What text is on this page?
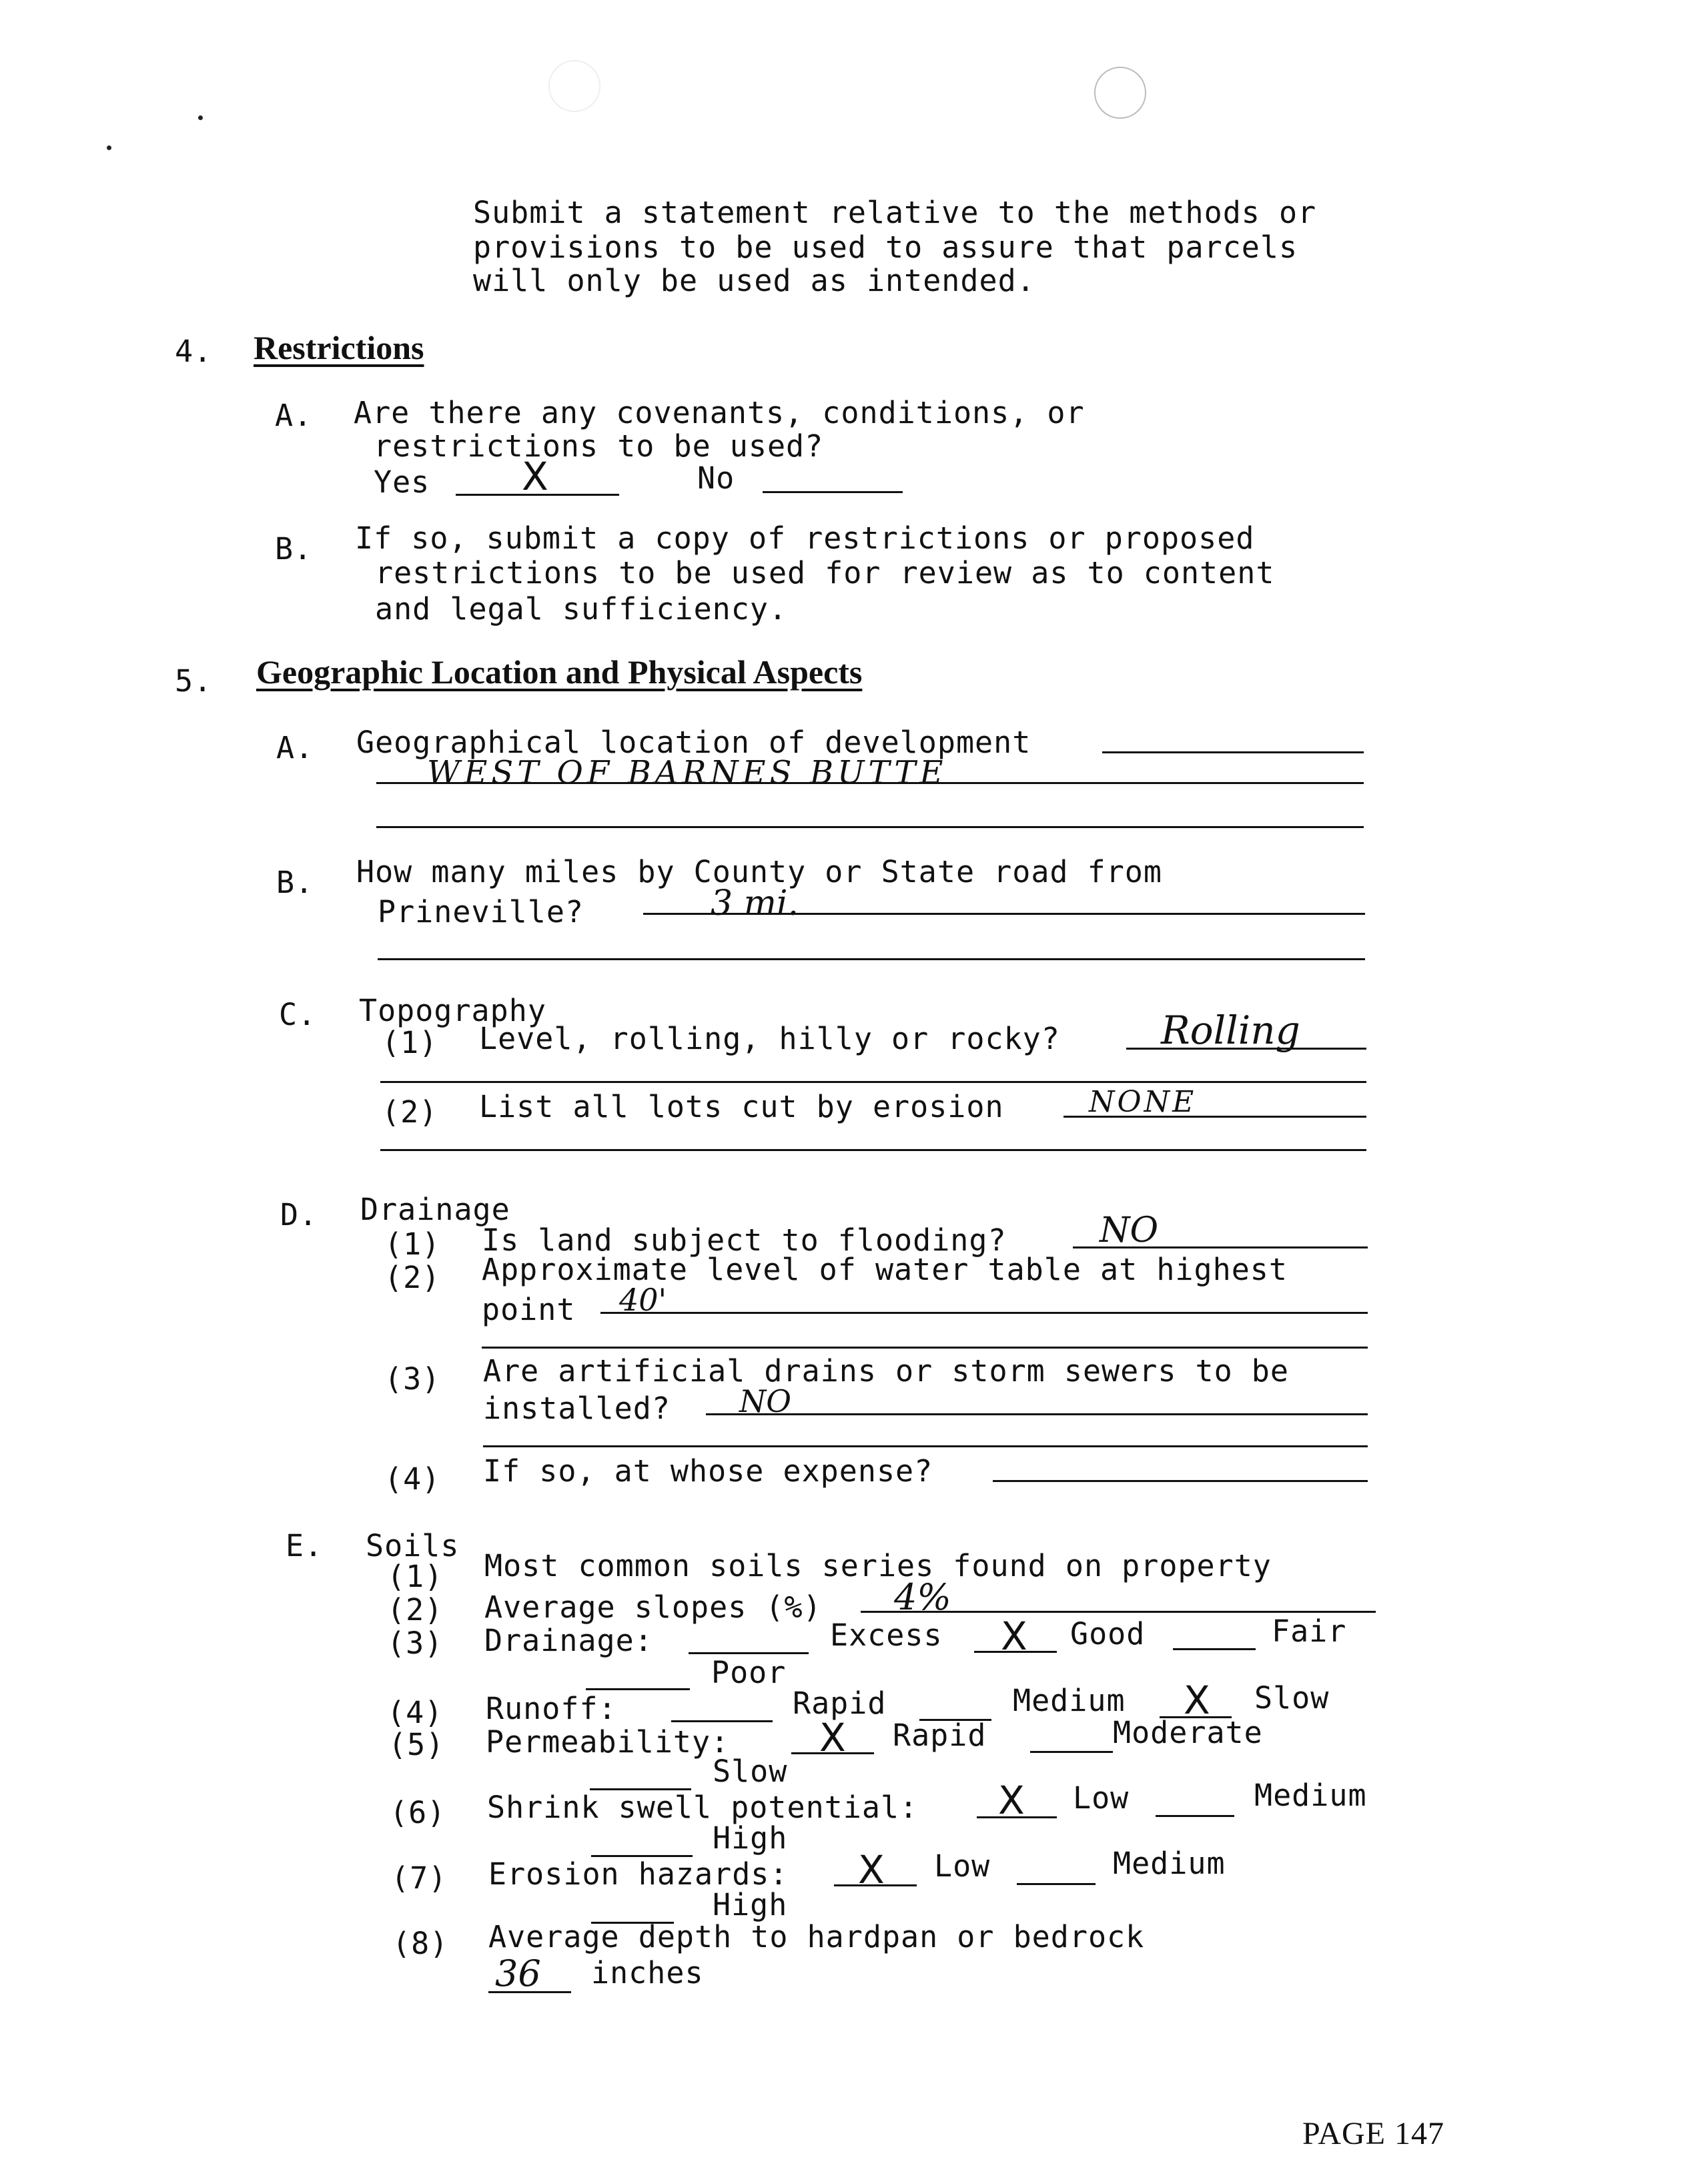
Submit a statement relative to the methods or
provisions to be used to assure that parcels
will only be used as intended.
4. Restrictions
A. Are there any covenants, conditions, or
restrictions to be used?
Yes X	No
B. If so, submit a copy of restrictions or proposed
restrictions to be used for review as to content
and legal sufficiency.
5. Geographic Location and Physical Aspects
A. Geographical location of development
WEST OF BARNES BUTTE
B. How many miles by County or State road from
Prineville?	3 mi.
C. Topography
(1) Level, rolling, hilly or rocky?	Rolling
(2) List all lots cut by erosion	NONE
D. Drainage
(1) Is land subject to flooding?	NO
(2) Approximate level of water table at highest
point 40'
(3) Are artificial drains or storm sewers to be
installed? NO
(4) If so, at whose expense?
E. Soils
(1) Most common soils series found on property
(2) Average slopes (%) 4%
(3) Drainage:	Excess X Good	Fair
Poor
(4) Runoff:	Rapid	Medium X Slow
(5) Permeability: X Rapid	Moderate
Slow
(6) Shrink swell potential: X Low	Medium
High
(7) Erosion hazards: X Low	Medium
High
(8) Average depth to hardpan or bedrock
36 inches
PAGE 147
